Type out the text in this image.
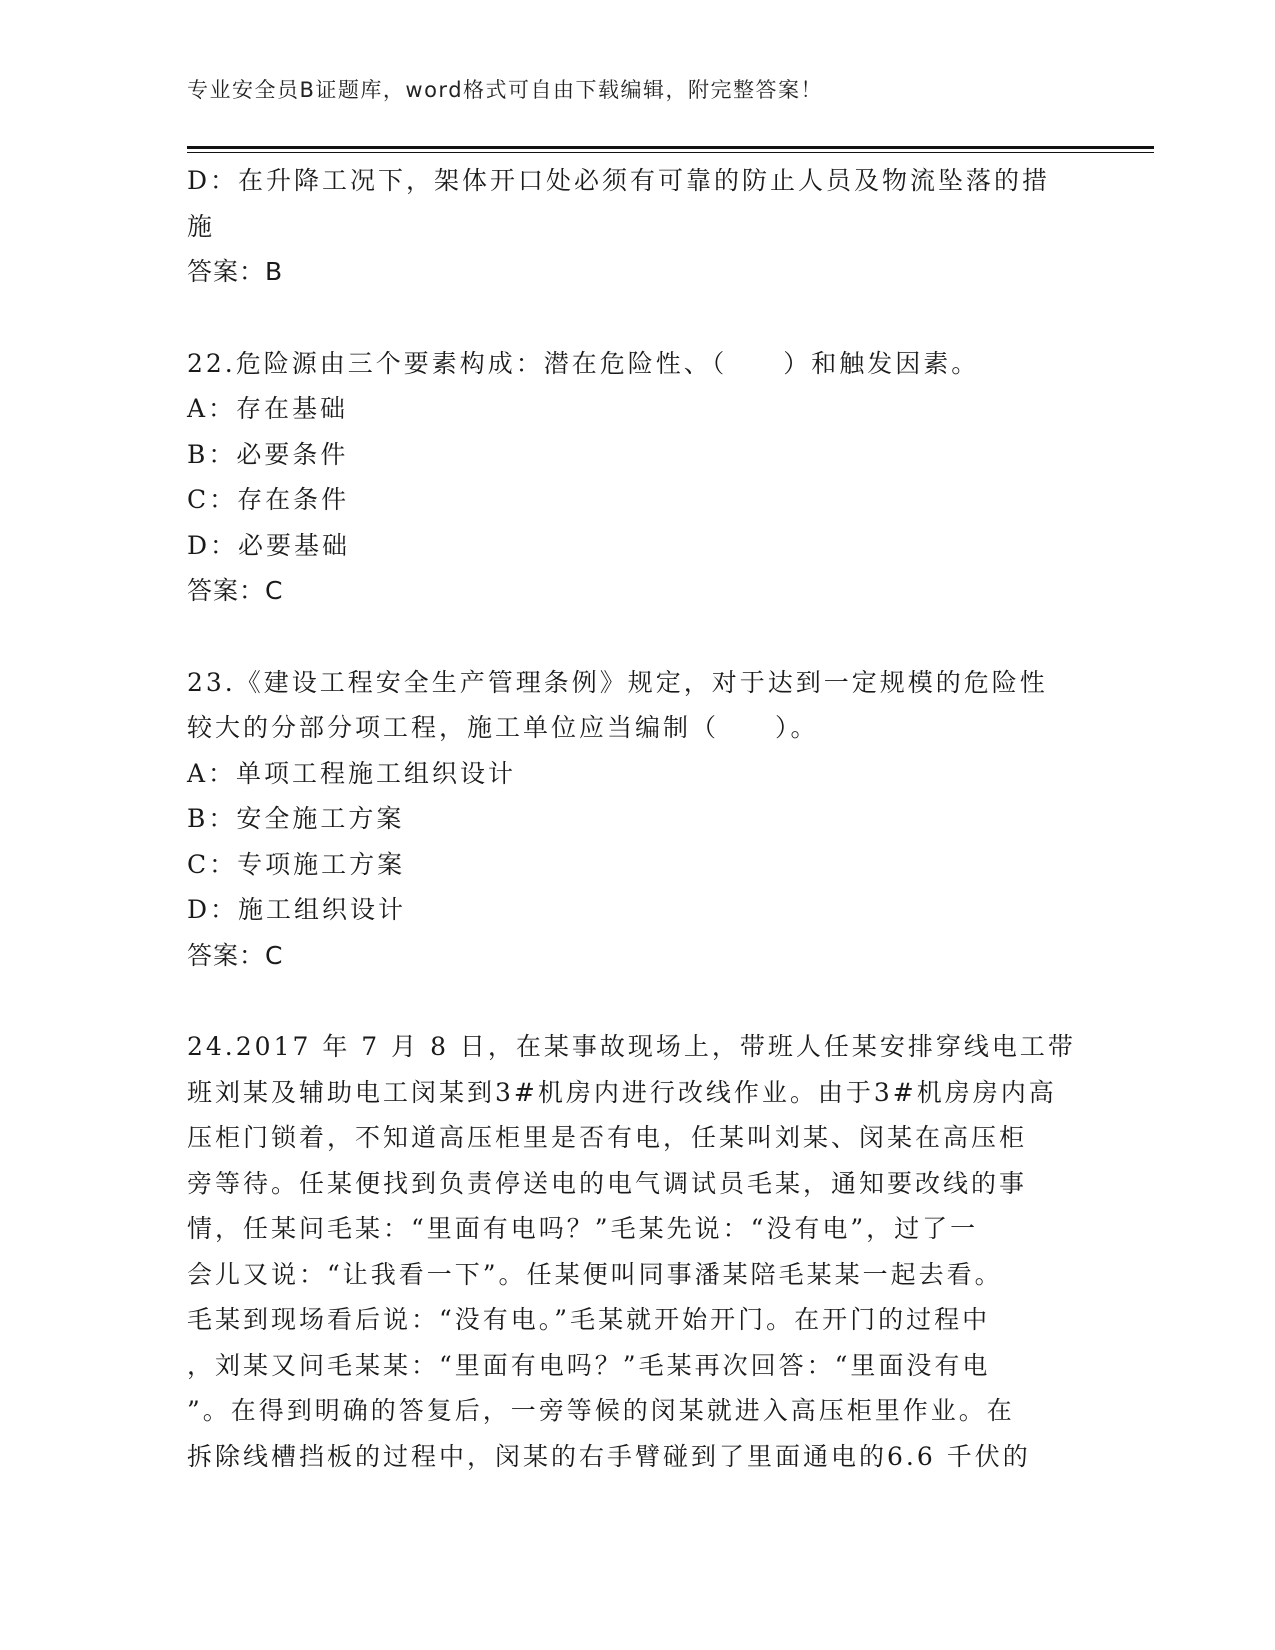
专业安全员B证题库，word格式可自由下载编辑，附完整答案！
D：在升降工况下，架体开口处必须有可靠的防止人员及物流坠落的措
施
答案：B
22.危险源由三个要素构成：潜在危险性、（　　）和触发因素。
A：存在基础
B：必要条件
C：存在条件
D：必要基础
答案：C
23.《建设工程安全生产管理条例》规定，对于达到一定规模的危险性
较大的分部分项工程，施工单位应当编制（　　）。
A：单项工程施工组织设计
B：安全施工方案
C：专项施工方案
D：施工组织设计
答案：C
24.2017 年 7 月 8 日，在某事故现场上，带班人任某安排穿线电工带
班刘某及辅助电工闵某到3#机房内进行改线作业。由于3#机房房内高
压柜门锁着，不知道高压柜里是否有电，任某叫刘某、闵某在高压柜
旁等待。任某便找到负责停送电的电气调试员毛某，通知要改线的事
情，任某问毛某：“里面有电吗？”毛某先说：“没有电”，过了一
会儿又说：“让我看一下”。任某便叫同事潘某陪毛某某一起去看。
毛某到现场看后说：“没有电。”毛某就开始开门。在开门的过程中
，刘某又问毛某某：“里面有电吗？”毛某再次回答：“里面没有电
”。在得到明确的答复后，一旁等候的闵某就进入高压柜里作业。在
拆除线槽挡板的过程中，闵某的右手臂碰到了里面通电的6.6 千伏的
